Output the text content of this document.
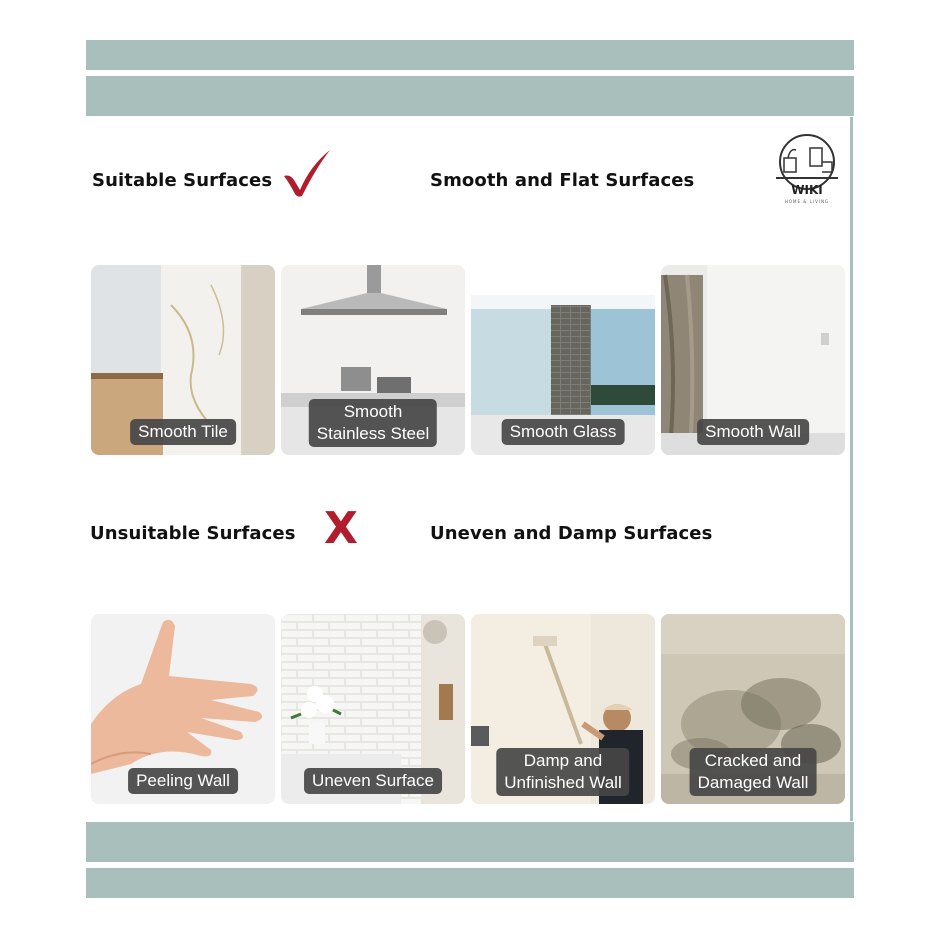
Suitable Surfaces	Smooth and Flat Surfaces	WIKI
HOME & LIVING
Smooth Tile
Smooth
Stainless Steel	Smooth Glass	Smooth Wall
Unsuitable Surfaces X	Uneven and Damp Surfaces
Peeling Wall	Uneven Surface
Damp and
Unfinished Wall
Cracked and
Damaged Wall
